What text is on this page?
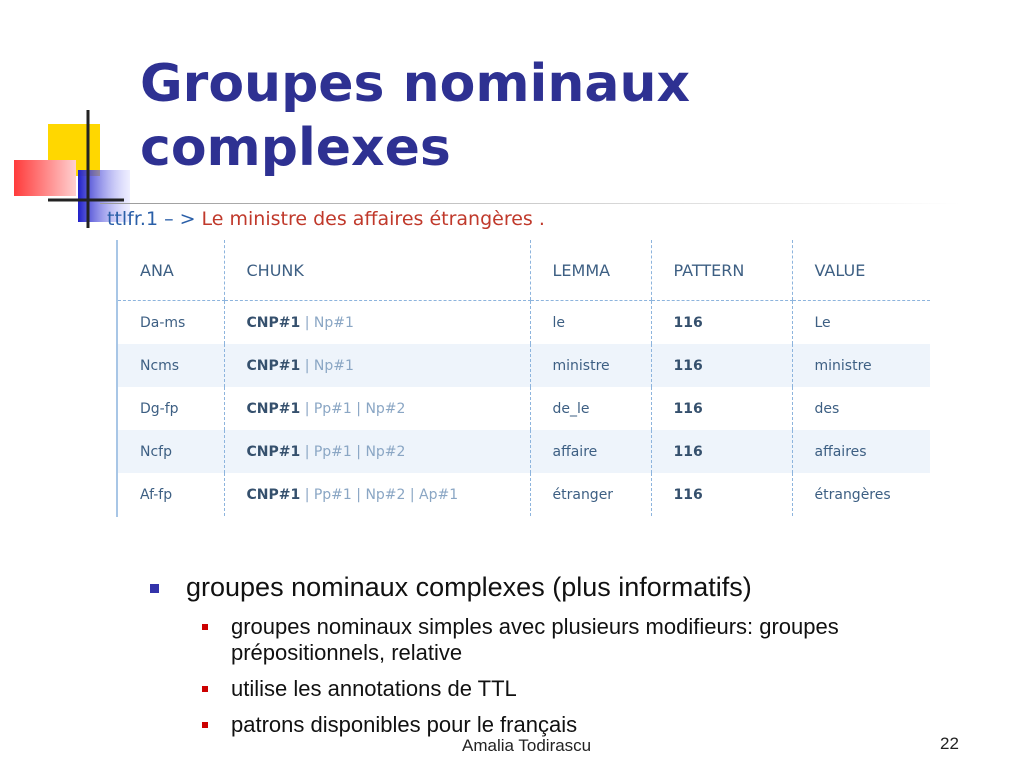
Groupes nominaux
complexes
ttlfr.1 – > Le ministre des affaires étrangères .
ANA	CHUNK	LEMMA	PATTERN	VALUE
Da-ms	CNP#1 | Np#1	le	116	Le
Ncms	CNP#1 | Np#1	ministre	116	ministre
Dg-fp	CNP#1 | Pp#1 | Np#2	de_le	116	des
Ncfp	CNP#1 | Pp#1 | Np#2	affaire	116	affaires
Af-fp	CNP#1 | Pp#1 | Np#2 | Ap#1	étranger	116	étrangères
groupes nominaux complexes (plus informatifs)
groupes nominaux simples avec plusieurs modifieurs: groupes prépositionnels, relative
utilise les annotations de TTL
patrons disponibles pour le français
Amalia Todirascu	22
